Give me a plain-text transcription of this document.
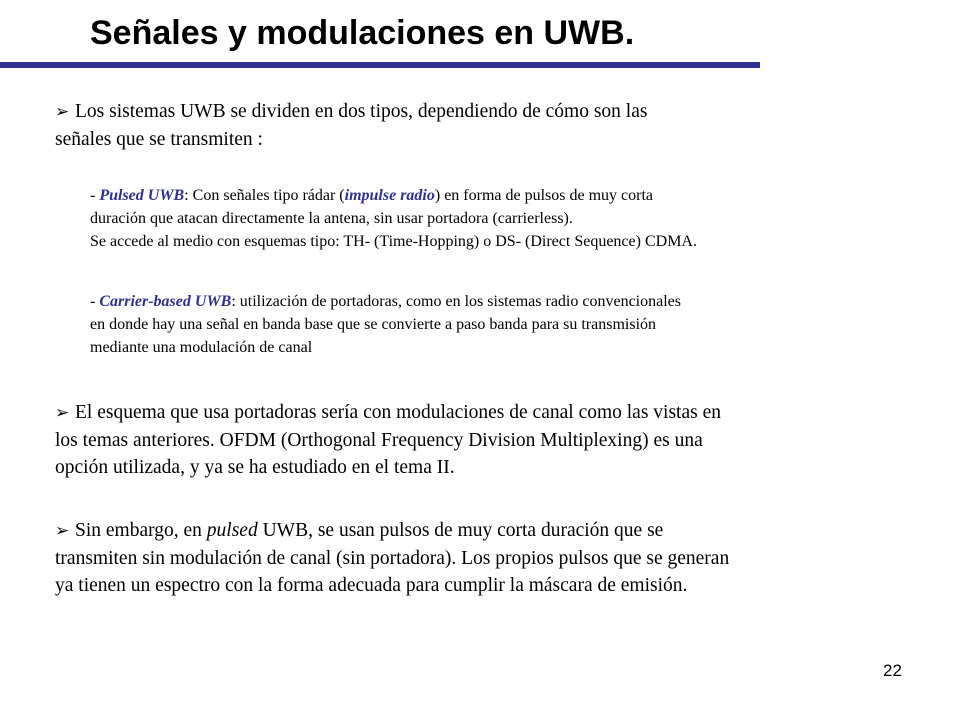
Señales y modulaciones en UWB.

➢ Los sistemas UWB se dividen en dos tipos, dependiendo de cómo son las
señales que se transmiten :

- Pulsed UWB: Con señales tipo rádar (impulse radio) en forma de pulsos de muy corta
duración que atacan directamente la antena, sin usar portadora (carrierless).
Se accede al medio con esquemas tipo: TH- (Time-Hopping) o DS- (Direct Sequence) CDMA.

- Carrier-based UWB: utilización de portadoras, como en los sistemas radio convencionales
en donde hay una señal en banda base que se convierte a paso banda para su transmisión
mediante una modulación de canal

➢ El esquema que usa portadoras sería con modulaciones de canal como las vistas en
los temas anteriores. OFDM (Orthogonal Frequency Division Multiplexing) es una
opción utilizada, y ya se ha estudiado en el tema II.

➢ Sin embargo, en pulsed UWB, se usan pulsos de muy corta duración que se
transmiten sin modulación de canal (sin portadora). Los propios pulsos que se generan
ya tienen un espectro con la forma adecuada para cumplir la máscara de emisión.

22
